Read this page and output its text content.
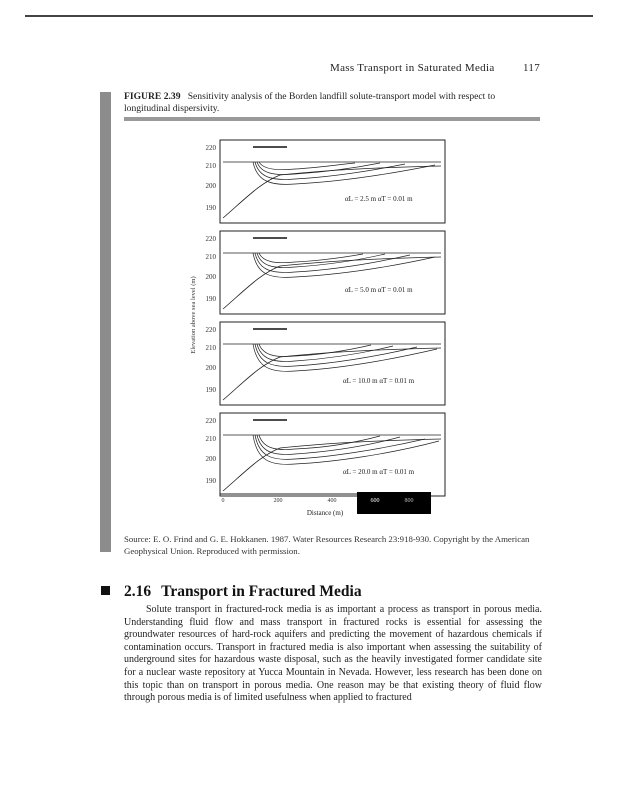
Mass Transport in Saturated Media	117
FIGURE 2.39 Sensitivity analysis of the Borden landfill solute-transport model with respect to longitudinal dispersivity.
Elevation above sea level (m)
220
210
200
190
αL = 2.5 m αT = 0.01 m
220
210
200
190
αL = 5.0 m αT = 0.01 m
220
210
200
190
αL = 10.0 m αT = 0.01 m
220
210
200
190
αL = 20.0 m αT = 0.01 m
0	200	400	600	800
Distance (m)
Source: E. O. Frind and G. E. Hokkanen. 1987. Water Resources Research 23:918-930. Copyright by the American Geophysical Union. Reproduced with permission.
2.16 Transport in Fractured Media
Solute transport in fractured-rock media is as important a process as transport in porous media. Understanding fluid flow and mass transport in fractured rocks is essential for assessing the groundwater resources of hard-rock aquifers and predicting the movement of hazardous chemicals if contamination occurs. Transport in fractured media is also important when assessing the suitability of underground sites for hazardous waste disposal, such as the heavily investigated former candidate site for a nuclear waste repository at Yucca Mountain in Nevada. However, less research has been done on this topic than on transport in porous media. One reason may be that existing theory of fluid flow through porous media is of limited usefulness when applied to fractured
